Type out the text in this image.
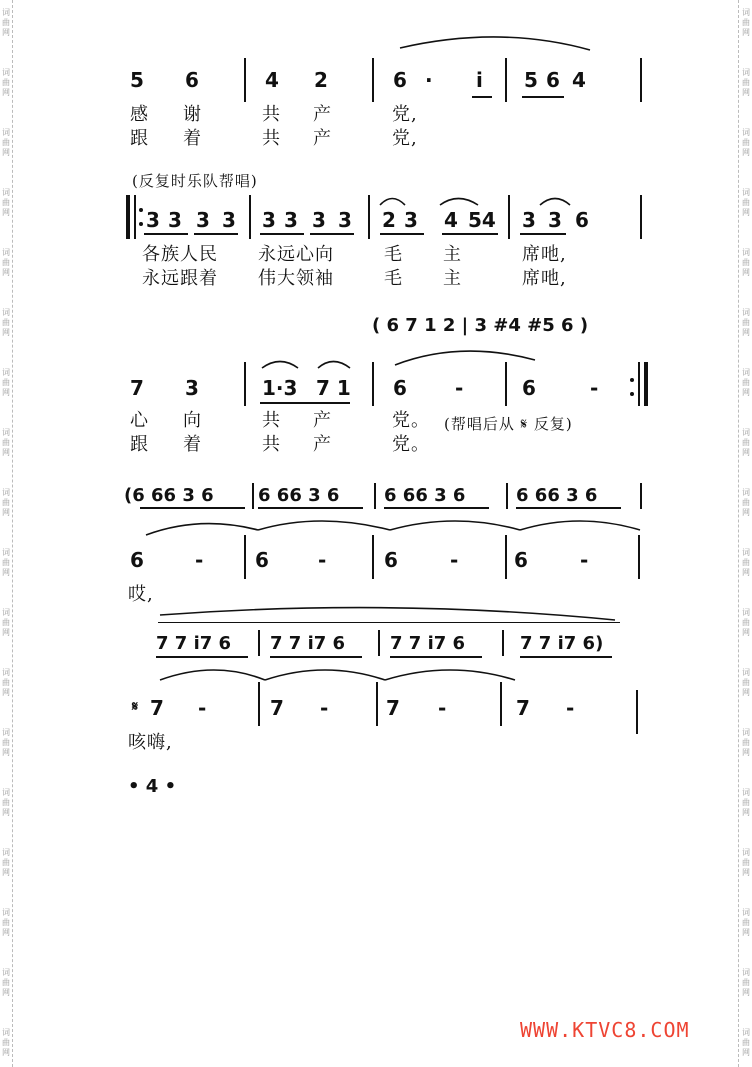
词
曲
网
词
曲
网
词
曲
网
词
曲
网
词
曲
网
词
曲
网
词
曲
网
词
曲
网
词
曲
网
词
曲
网
词
曲
网
词
曲
网
词
曲
网
词
曲
网
词
曲
网
词
曲
网
词
曲
网
词
曲
网
词
曲
网
词
曲
网
词
曲
网
词
曲
网
词
曲
网
词
曲
网
词
曲
网
词
曲
网
词
曲
网
词
曲
网
词
曲
网
词
曲
网
词
曲
网
词
曲
网
词
曲
网
词
曲
网
词
曲
网
词
曲
网
5 6	4 2	6 · i 5 6 4
感 谢	共 产	党,
跟 着	共 产	党,
(反复时乐队帮唱)
3 3 3 3 3 3 3 3 2 3 4 54 3 3 6
各族人民 永远心向	毛 主	席吔,
永远跟着 伟大领袖	毛 主	席吔,
( 6 7 1 2 | 3 #4 #5 6 )
7 3	1·3 7 1 6 -	6	-
心 向	共 产	党。 (帮唱后从 𝄋 反复)
跟 着	共 产	党。
(6 66 3 6 6 66 3 6 6 66 3 6	6 66 3 6
6	-	6 -	6	-	6	-
哎,
7 7 i7 6 7 7 i7 6 7 7 i7 6	7 7 i7 6)
𝄋 7 -	7 -	7 -	7 -
咳嗨,
• 4 •
WWW.KTVC8.COM
